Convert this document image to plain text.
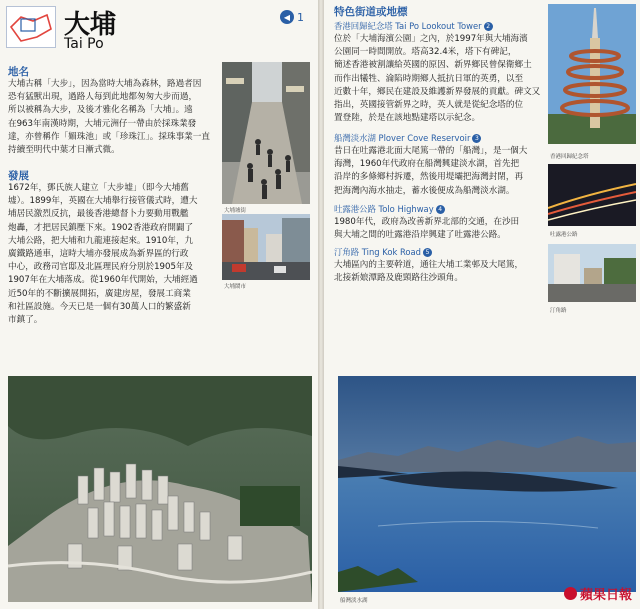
大埔
Tai Po
◀ 1
地名
大埔古稱「大步」，因為當時大埔為森林，路過者因
恐有猛獸出現，過路人每到此地都匆匆大步而過，
所以被稱為大步，及後才雅化名稱為「大埔」。遠
在963年南漢時期，大埔元洲仔一帶由於採珠業發
達，亦曾稱作「媚珠池」或「珍珠江」。採珠事業一直
持續至明代中葉才日漸式微。
發展
1672年，鄧氏族人建立「大步墟」（即今大埔舊
墟）。1899年，英國在大埔舉行接管儀式時，遭大
埔居民激烈反抗，最後香港總督卜力要動用戰艦
炮轟，才把居民鎮壓下來。1902香港政府開闢了
大埔公路，把大埔和九龍連接起來。1910年，九
廣鐵路通車，這時大埔亦發展成為新界區的行政
中心，政務司官邸及北區理民府分別於1905年及
1907年在大埔落成。從1960年代開始，大埔經過
近50年的不斷擴展開拓，廣建房屋，發展工商業
和社區設施。今天已是一個有30萬人口的繁盛新
市鎮了。
大埔墟街
大埔鬧市
特色街道或地標
香港回歸紀念塔 Tai Po Lookout Tower 2
位於「大埔海濱公園」之內，於1997年與大埔海濱
公園同一時間開放。塔高32.4米，塔下有碑記，
簡述香港被割讓給英國的原因、新界鄉民曾保衛鄉土
而作出犧牲、淪陷時期鄉人抵抗日軍的英勇，以至
近數十年，鄉民在建設及維護新界發展的貢獻。碑文又
指出，英國接管新界之時，英人就是從紀念塔的位
置登陸，於是在該地點建塔以示紀念。
船灣淡水湖 Plover Cove Reservoir 3
昔日在吐露港北面大尾篤一帶的「船灣」，是一個大
海灣，1960年代政府在船灣興建淡水湖，首先把
沿岸的多條鄉村拆遷，然後用堤壩把海灣封閉，再
把海灣內海水抽走，蓄水後便成為船灣淡水湖。
吐露港公路 Tolo Highway 4
1980年代，政府為改善新界北部的交通，在沙田
與大埔之間的吐露港沿岸興建了吐露港公路。
汀角路 Ting Kok Road 5
大埔區內的主要幹道，通往大埔工業邨及大尾篤，
北接新娘潭路及鹿頸路往沙頭角。
香港回歸紀念塔
吐露港公路
汀角路
船灣淡水湖	蘋果日報
